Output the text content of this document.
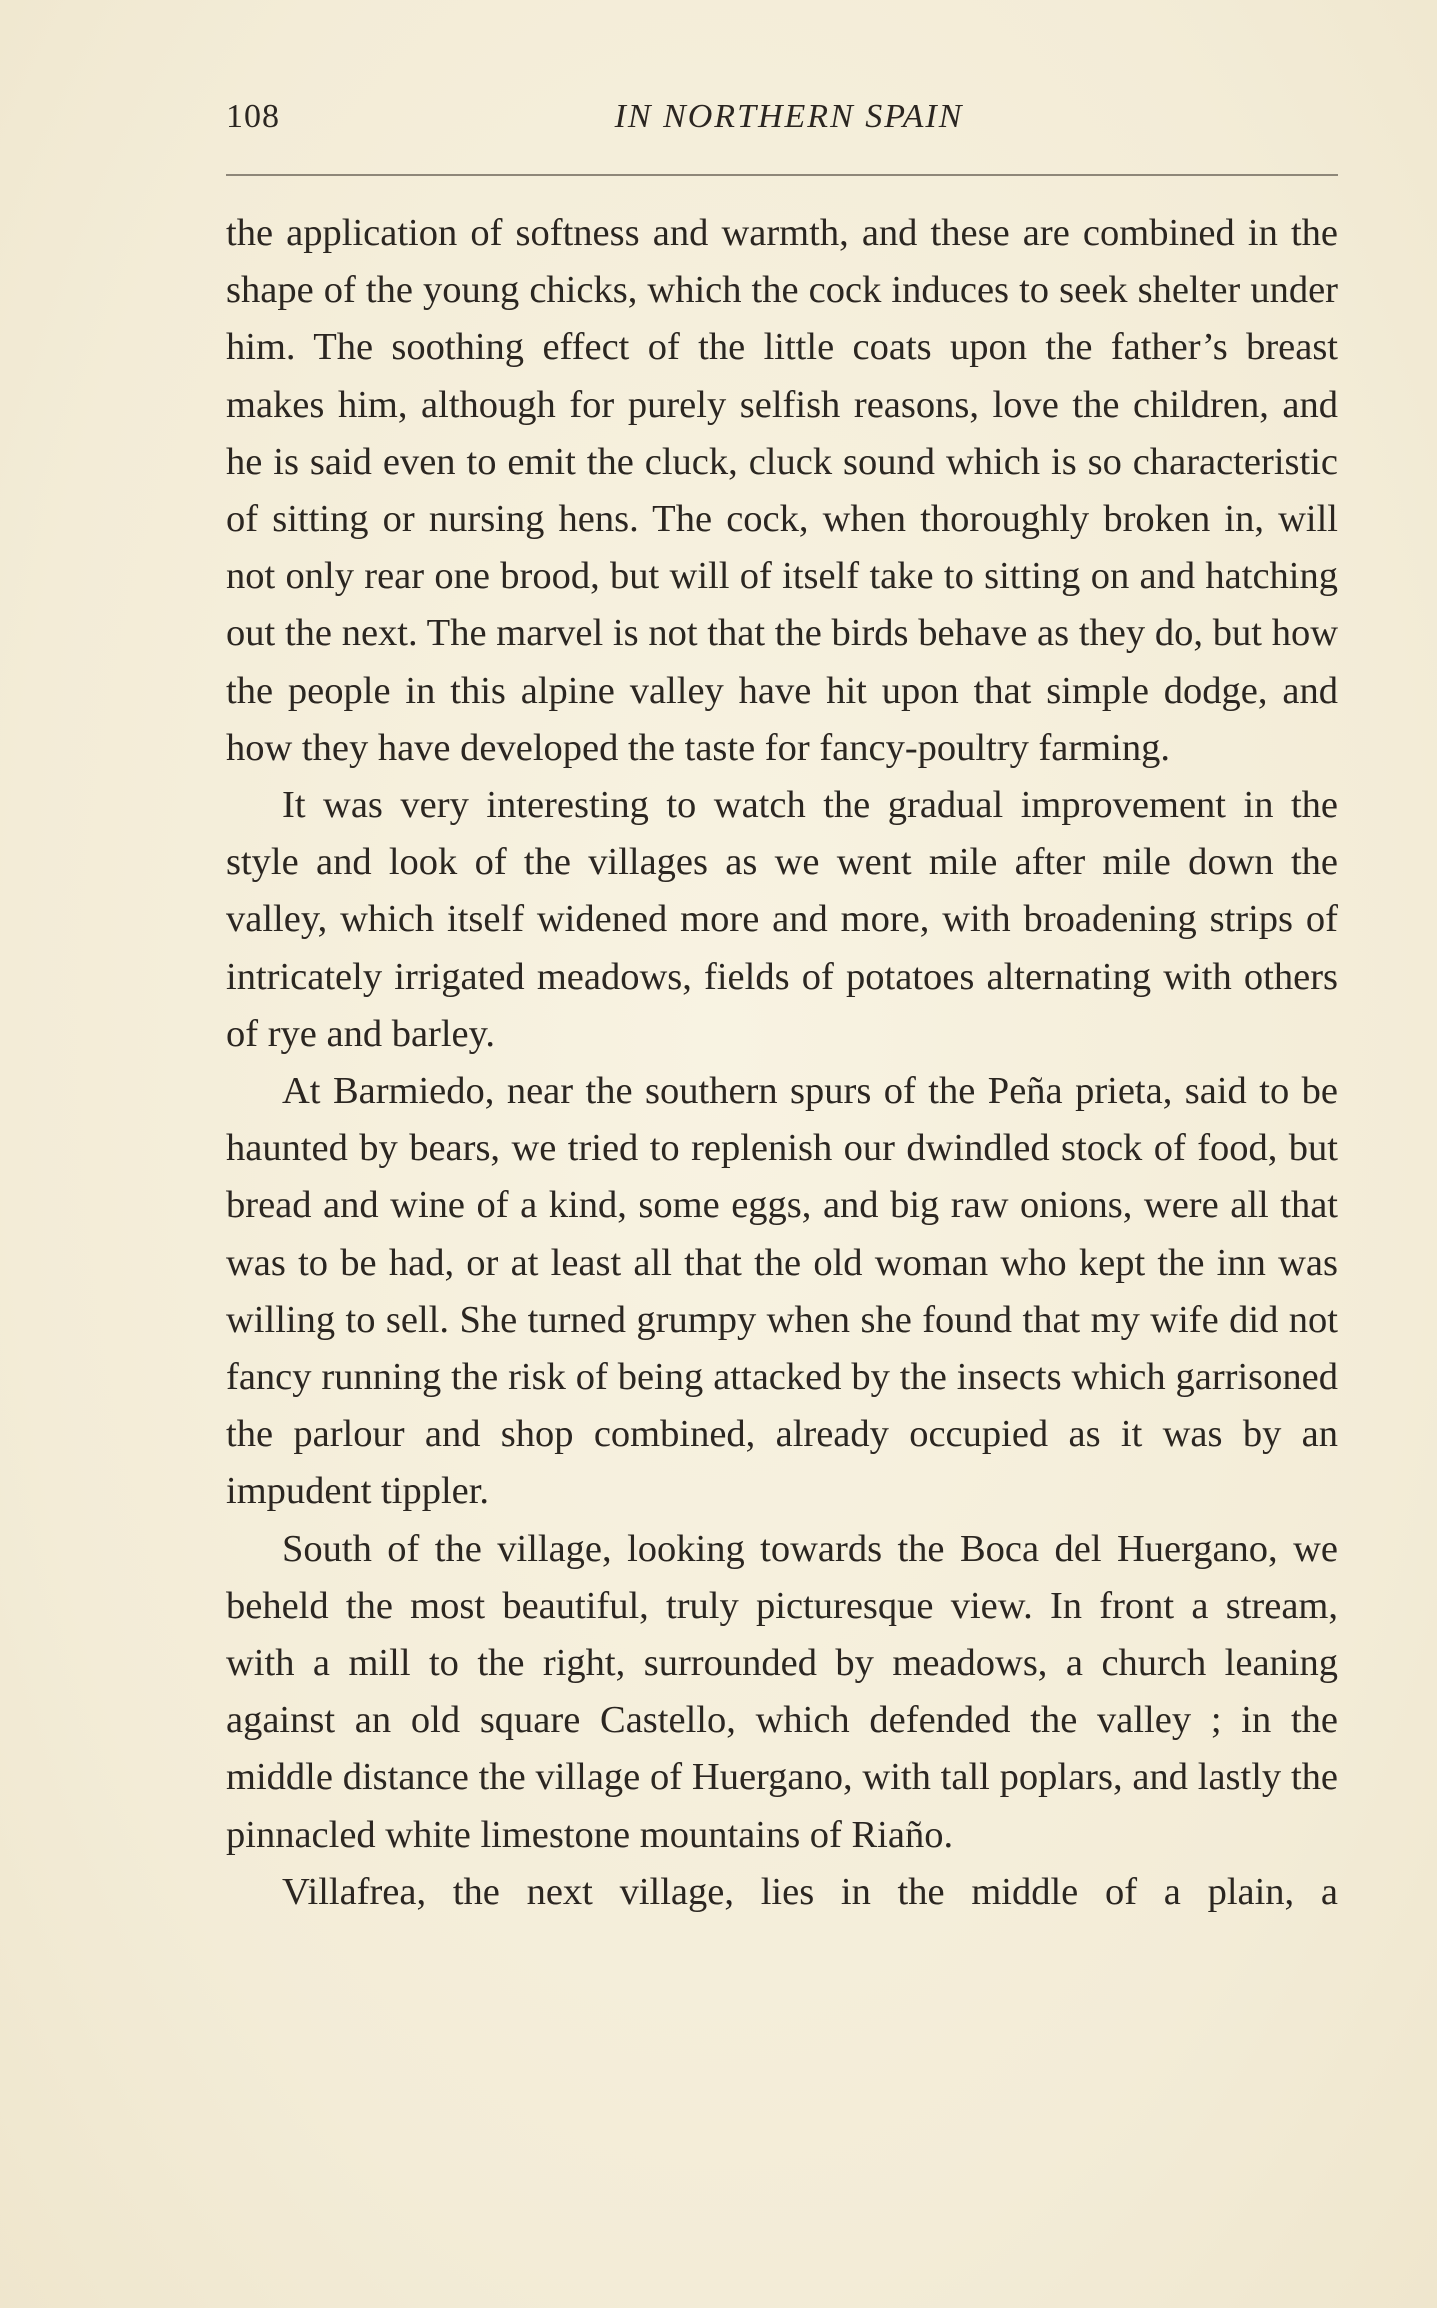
108	IN NORTHERN SPAIN

the application of softness and warmth, and these are combined in the shape of the young chicks, which the cock induces to seek shelter under him. The soothing effect of the little coats upon the father’s breast makes him, although for purely selfish reasons, love the children, and he is said even to emit the cluck, cluck sound which is so characteristic of sitting or nursing hens. The cock, when thoroughly broken in, will not only rear one brood, but will of itself take to sitting on and hatching out the next. The marvel is not that the birds behave as they do, but how the people in this alpine valley have hit upon that simple dodge, and how they have developed the taste for fancy-poultry farming.

It was very interesting to watch the gradual improvement in the style and look of the villages as we went mile after mile down the valley, which itself widened more and more, with broadening strips of intricately irrigated meadows, fields of potatoes alternating with others of rye and barley.

At Barmiedo, near the southern spurs of the Peña prieta, said to be haunted by bears, we tried to replenish our dwindled stock of food, but bread and wine of a kind, some eggs, and big raw onions, were all that was to be had, or at least all that the old woman who kept the inn was willing to sell. She turned grumpy when she found that my wife did not fancy running the risk of being attacked by the insects which garrisoned the parlour and shop combined, already occupied as it was by an impudent tippler.

South of the village, looking towards the Boca del Huergano, we beheld the most beautiful, truly picturesque view. In front a stream, with a mill to the right, surrounded by meadows, a church leaning against an old square Castello, which defended the valley ; in the middle distance the village of Huergano, with tall poplars, and lastly the pinnacled white limestone mountains of Riaño.

Villafrea, the next village, lies in the middle of a plain, a
